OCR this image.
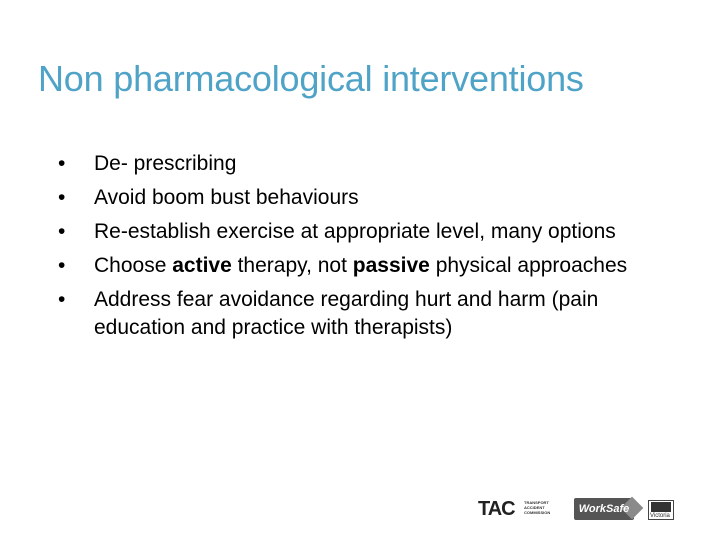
Non pharmacological interventions
• De- prescribing
• Avoid boom bust behaviours
• Re-establish exercise at appropriate level, many options
• Choose active therapy, not passive physical approaches
• Address fear avoidance regarding hurt and harm (pain education and practice with therapists)
TAC TRANSPORT ACCIDENT COMMISSION	WorkSafe
Victoria
